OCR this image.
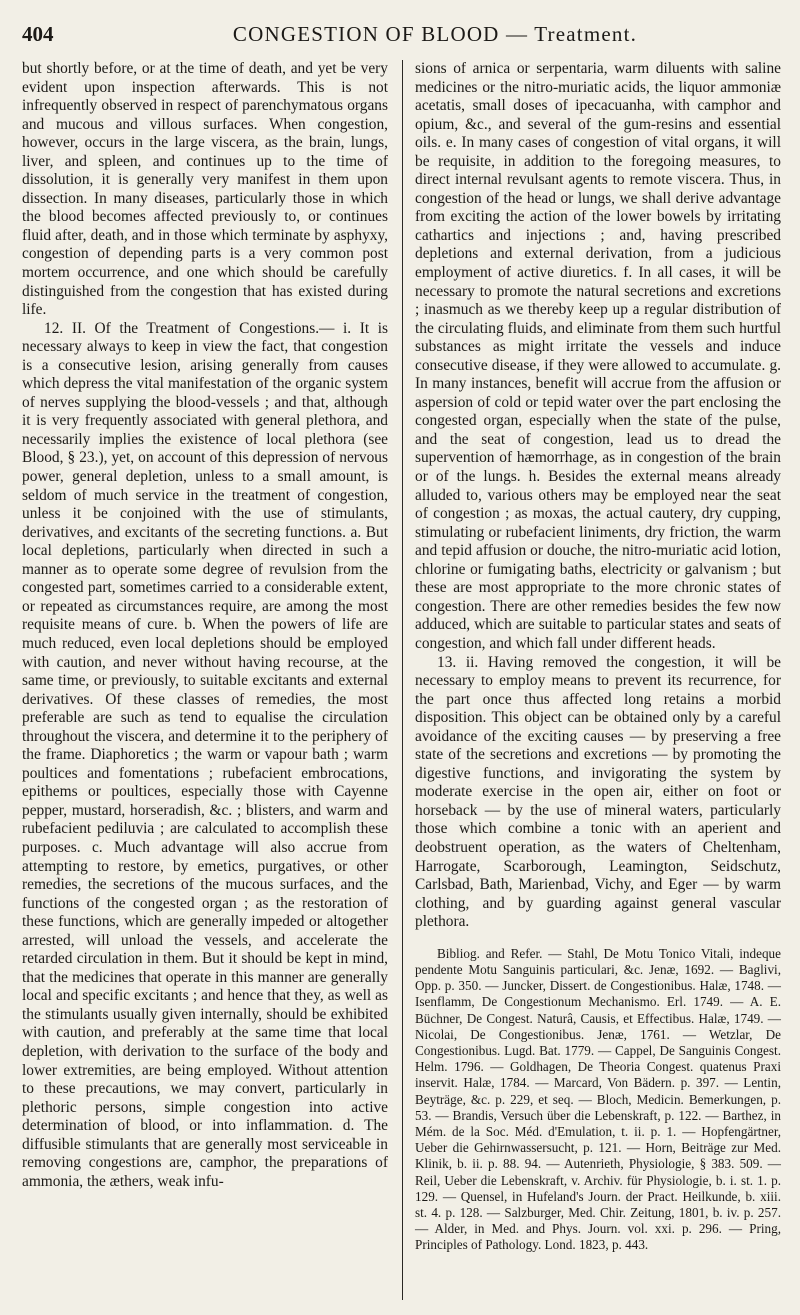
404	CONGESTION OF BLOOD — Treatment.

but shortly before, or at the time of death, and yet be very evident upon inspection afterwards. This is not infrequently observed in respect of parenchymatous organs and mucous and villous surfaces. When congestion, however, occurs in the large viscera, as the brain, lungs, liver, and spleen, and continues up to the time of dissolution, it is generally very manifest in them upon dissection. In many diseases, particularly those in which the blood becomes affected previously to, or continues fluid after, death, and in those which terminate by asphyxy, congestion of depending parts is a very common post mortem occurrence, and one which should be carefully distinguished from the congestion that has existed during life.

12. II. Of the Treatment of Congestions.— i. It is necessary always to keep in view the fact, that congestion is a consecutive lesion, arising generally from causes which depress the vital manifestation of the organic system of nerves supplying the blood-vessels ; and that, although it is very frequently associated with general plethora, and necessarily implies the existence of local plethora (see Blood, § 23.), yet, on account of this depression of nervous power, general depletion, unless to a small amount, is seldom of much service in the treatment of congestion, unless it be conjoined with the use of stimulants, derivatives, and excitants of the secreting functions. a. But local depletions, particularly when directed in such a manner as to operate some degree of revulsion from the congested part, sometimes carried to a considerable extent, or repeated as circumstances require, are among the most requisite means of cure. b. When the powers of life are much reduced, even local depletions should be employed with caution, and never without having recourse, at the same time, or previously, to suitable excitants and external derivatives. Of these classes of remedies, the most preferable are such as tend to equalise the circulation throughout the viscera, and determine it to the periphery of the frame. Diaphoretics ; the warm or vapour bath ; warm poultices and fomentations ; rubefacient embrocations, epithems or poultices, especially those with Cayenne pepper, mustard, horseradish, &c. ; blisters, and warm and rubefacient pediluvia ; are calculated to accomplish these purposes. c. Much advantage will also accrue from attempting to restore, by emetics, purgatives, or other remedies, the secretions of the mucous surfaces, and the functions of the congested organ ; as the restoration of these functions, which are generally impeded or altogether arrested, will unload the vessels, and accelerate the retarded circulation in them. But it should be kept in mind, that the medicines that operate in this manner are generally local and specific excitants ; and hence that they, as well as the stimulants usually given internally, should be exhibited with caution, and preferably at the same time that local depletion, with derivation to the surface of the body and lower extremities, are being employed. Without attention to these precautions, we may convert, particularly in plethoric persons, simple congestion into active determination of blood, or into inflammation. d. The diffusible stimulants that are generally most serviceable in removing congestions are, camphor, the preparations of ammonia, the æthers, weak infu-

sions of arnica or serpentaria, warm diluents with saline medicines or the nitro-muriatic acids, the liquor ammoniæ acetatis, small doses of ipecacuanha, with camphor and opium, &c., and several of the gum-resins and essential oils. e. In many cases of congestion of vital organs, it will be requisite, in addition to the foregoing measures, to direct internal revulsant agents to remote viscera. Thus, in congestion of the head or lungs, we shall derive advantage from exciting the action of the lower bowels by irritating cathartics and injections ; and, having prescribed depletions and external derivation, from a judicious employment of active diuretics. f. In all cases, it will be necessary to promote the natural secretions and excretions ; inasmuch as we thereby keep up a regular distribution of the circulating fluids, and eliminate from them such hurtful substances as might irritate the vessels and induce consecutive disease, if they were allowed to accumulate. g. In many instances, benefit will accrue from the affusion or aspersion of cold or tepid water over the part enclosing the congested organ, especially when the state of the pulse, and the seat of congestion, lead us to dread the supervention of hæmorrhage, as in congestion of the brain or of the lungs. h. Besides the external means already alluded to, various others may be employed near the seat of congestion ; as moxas, the actual cautery, dry cupping, stimulating or rubefacient liniments, dry friction, the warm and tepid affusion or douche, the nitro-muriatic acid lotion, chlorine or fumigating baths, electricity or galvanism ; but these are most appropriate to the more chronic states of congestion. There are other remedies besides the few now adduced, which are suitable to particular states and seats of congestion, and which fall under different heads.

13. ii. Having removed the congestion, it will be necessary to employ means to prevent its recurrence, for the part once thus affected long retains a morbid disposition. This object can be obtained only by a careful avoidance of the exciting causes — by preserving a free state of the secretions and excretions — by promoting the digestive functions, and invigorating the system by moderate exercise in the open air, either on foot or horseback — by the use of mineral waters, particularly those which combine a tonic with an aperient and deobstruent operation, as the waters of Cheltenham, Harrogate, Scarborough, Leamington, Seidschutz, Carlsbad, Bath, Marienbad, Vichy, and Eger — by warm clothing, and by guarding against general vascular plethora.

Bibliog. and Refer. — Stahl, De Motu Tonico Vitali, indeque pendente Motu Sanguinis particulari, &c. Jenæ, 1692. — Baglivi, Opp. p. 350. — Juncker, Dissert. de Congestionibus. Halæ, 1748. — Isenflamm, De Congestionum Mechanismo. Erl. 1749. — A. E. Büchner, De Congest. Naturâ, Causis, et Effectibus. Halæ, 1749. — Nicolai, De Congestionibus. Jenæ, 1761. — Wetzlar, De Congestionibus. Lugd. Bat. 1779. — Cappel, De Sanguinis Congest. Helm. 1796. — Goldhagen, De Theoria Congest. quatenus Praxi inservit. Halæ, 1784. — Marcard, Von Bädern. p. 397. — Lentin, Beyträge, &c. p. 229, et seq. — Bloch, Medicin. Bemerkungen, p. 53. — Brandis, Versuch über die Lebenskraft, p. 122. — Barthez, in Mém. de la Soc. Méd. d'Emulation, t. ii. p. 1. — Hopfengärtner, Ueber die Gehirnwassersucht, p. 121. — Horn, Beiträge zur Med. Klinik, b. ii. p. 88. 94. — Autenrieth, Physiologie, § 383. 509. — Reil, Ueber die Lebenskraft, v. Archiv. für Physiologie, b. i. st. 1. p. 129. — Quensel, in Hufeland's Journ. der Pract. Heilkunde, b. xiii. st. 4. p. 128. — Salzburger, Med. Chir. Zeitung, 1801, b. iv. p. 257. — Alder, in Med. and Phys. Journ. vol. xxi. p. 296. — Pring, Principles of Pathology. Lond. 1823, p. 443.
